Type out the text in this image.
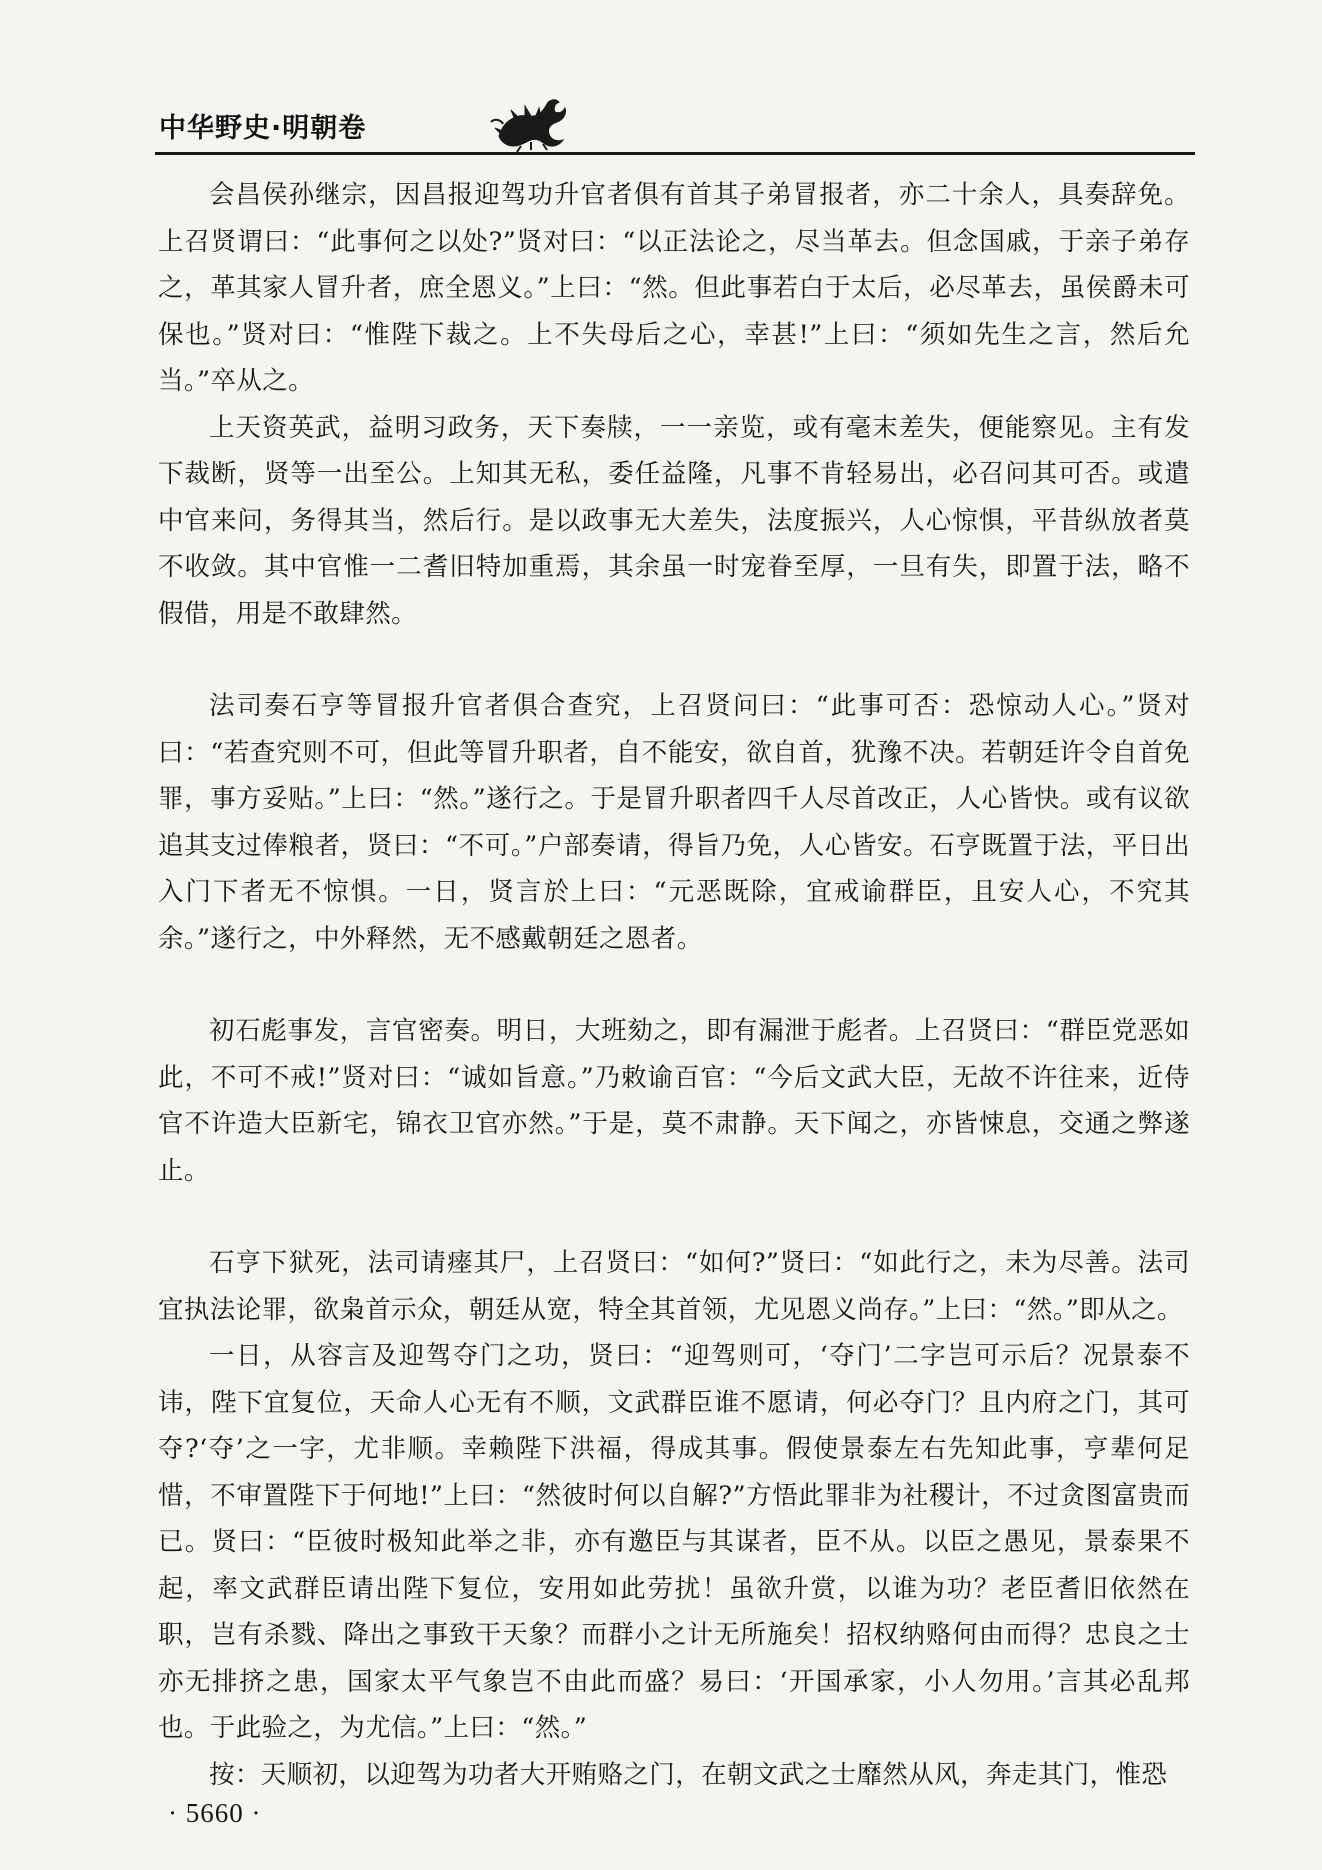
中华野史·明朝卷

会昌侯孙继宗，因昌报迎驾功升官者俱有首其子弟冒报者，亦二十余人，具奏辞免。上召贤谓曰：“此事何之以处?”贤对曰：“以正法论之，尽当革去。但念国戚，于亲子弟存之，革其家人冒升者，庶全恩义。”上曰：“然。但此事若白于太后，必尽革去，虽侯爵未可保也。”贤对曰：“惟陛下裁之。上不失母后之心，幸甚!”上曰：“须如先生之言，然后允当。”卒从之。

上天资英武，益明习政务，天下奏牍，一一亲览，或有毫末差失，便能察见。主有发下裁断，贤等一出至公。上知其无私，委任益隆，凡事不肯轻易出，必召问其可否。或遣中官来问，务得其当，然后行。是以政事无大差失，法度振兴，人心惊惧，平昔纵放者莫不收敛。其中官惟一二耆旧特加重焉，其余虽一时宠眷至厚，一旦有失，即置于法，略不假借，用是不敢肆然。

法司奏石亨等冒报升官者俱合查究，上召贤问曰：“此事可否：恐惊动人心。”贤对曰：“若查究则不可，但此等冒升职者，自不能安，欲自首，犹豫不决。若朝廷许令自首免罪，事方妥贴。”上曰：“然。”遂行之。于是冒升职者四千人尽首改正，人心皆快。或有议欲追其支过俸粮者，贤曰：“不可。”户部奏请，得旨乃免，人心皆安。石亨既置于法，平日出入门下者无不惊惧。一日，贤言於上曰：“元恶既除，宜戒谕群臣，且安人心，不究其余。”遂行之，中外释然，无不感戴朝廷之恩者。

初石彪事发，言官密奏。明日，大班劾之，即有漏泄于彪者。上召贤曰：“群臣党恶如此，不可不戒!”贤对曰：“诚如旨意。”乃敕谕百官：“今后文武大臣，无故不许往来，近侍官不许造大臣新宅，锦衣卫官亦然。”于是，莫不肃静。天下闻之，亦皆悚息，交通之弊遂止。

石亨下狱死，法司请瘗其尸，上召贤曰：“如何?”贤曰：“如此行之，未为尽善。法司宜执法论罪，欲枭首示众，朝廷从宽，特全其首领，尤见恩义尚存。”上曰：“然。”即从之。

一日，从容言及迎驾夺门之功，贤曰：“迎驾则可，‘夺门’二字岂可示后？况景泰不讳，陛下宜复位，天命人心无有不顺，文武群臣谁不愿请，何必夺门？且内府之门，其可夺?‘夺’之一字，尤非顺。幸赖陛下洪福，得成其事。假使景泰左右先知此事，亨辈何足惜，不审置陛下于何地!”上曰：“然彼时何以自解?”方悟此罪非为社稷计，不过贪图富贵而已。贤曰：“臣彼时极知此举之非，亦有邀臣与其谋者，臣不从。以臣之愚见，景泰果不起，率文武群臣请出陛下复位，安用如此劳扰！虽欲升赏，以谁为功？老臣耆旧依然在职，岂有杀戮、降出之事致干天象？而群小之计无所施矣！招权纳赂何由而得？忠良之士亦无排挤之患，国家太平气象岂不由此而盛？易曰：‘开国承家，小人勿用。’言其必乱邦也。于此验之，为尤信。”上曰：“然。”

按：天顺初，以迎驾为功者大开贿赂之门，在朝文武之士靡然从风，奔走其门，惟恐

· 5660 ·
